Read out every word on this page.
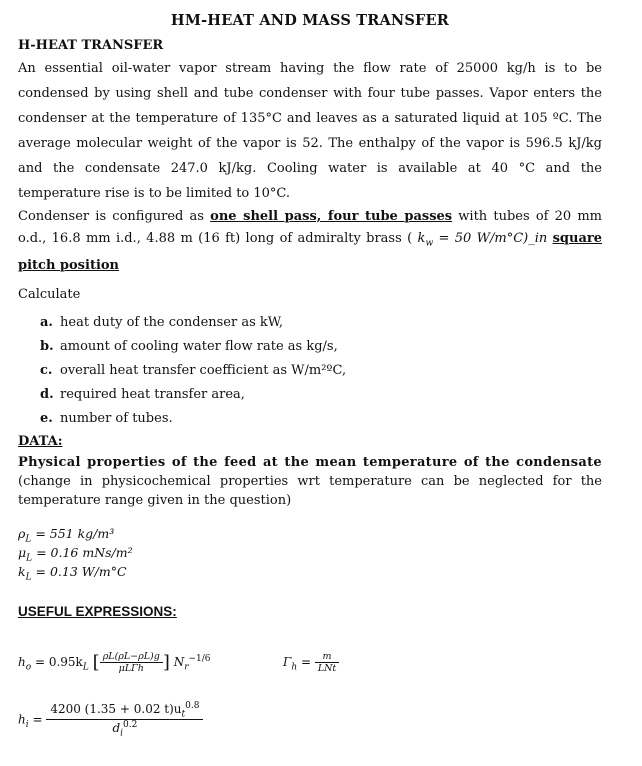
HM-HEAT AND MASS TRANSFER
H-HEAT TRANSFER

An essential oil-water vapor stream having the flow rate of 25000 kg/h is to be condensed by using shell and tube condenser with four tube passes. Vapor enters the condenser at the temperature of 135°C and leaves as a saturated liquid at 105 ºC. The average molecular weight of the vapor is 52. The enthalpy of the vapor is 596.5 kJ/kg and the condensate 247.0 kJ/kg. Cooling water is available at 40 °C and the temperature rise is to be limited to 10°C.

Condenser is configured as one shell pass, four tube passes with tubes of 20 mm o.d., 16.8 mm i.d., 4.88 m (16 ft) long of admiralty brass ( $k_w = 50$ W/m°C)_in square pitch position

Calculate
a. heat duty of the condenser as kW,
b. amount of cooling water flow rate as kg/s,
c. overall heat transfer coefficient as W/m²ºC,
d. required heat transfer area,
e. number of tubes.
DATA:

Physical properties of the feed at the mean temperature of the condensate (change in physicochemical properties wrt temperature can be neglected for the temperature range given in the question)

$\rho_L = 551$ kg/m³
$\mu_L = 0.16$ mNs/m²
$k_L = 0.13$ W/m°C
USEFUL EXPRESSIONS:
$h_o = 0.95k_L$ [ $\frac{\rho L(\rho L-\rho L)g}{\text{μLΓh}}$ ] $N_r^{-1/6}$	$\Gamma_h = \frac{m}{\text{LNt}}$
$h_i = \frac{4200 (1.35 + 0.02 t)u_t^{0.8}}{d_i^{0.2}}$
